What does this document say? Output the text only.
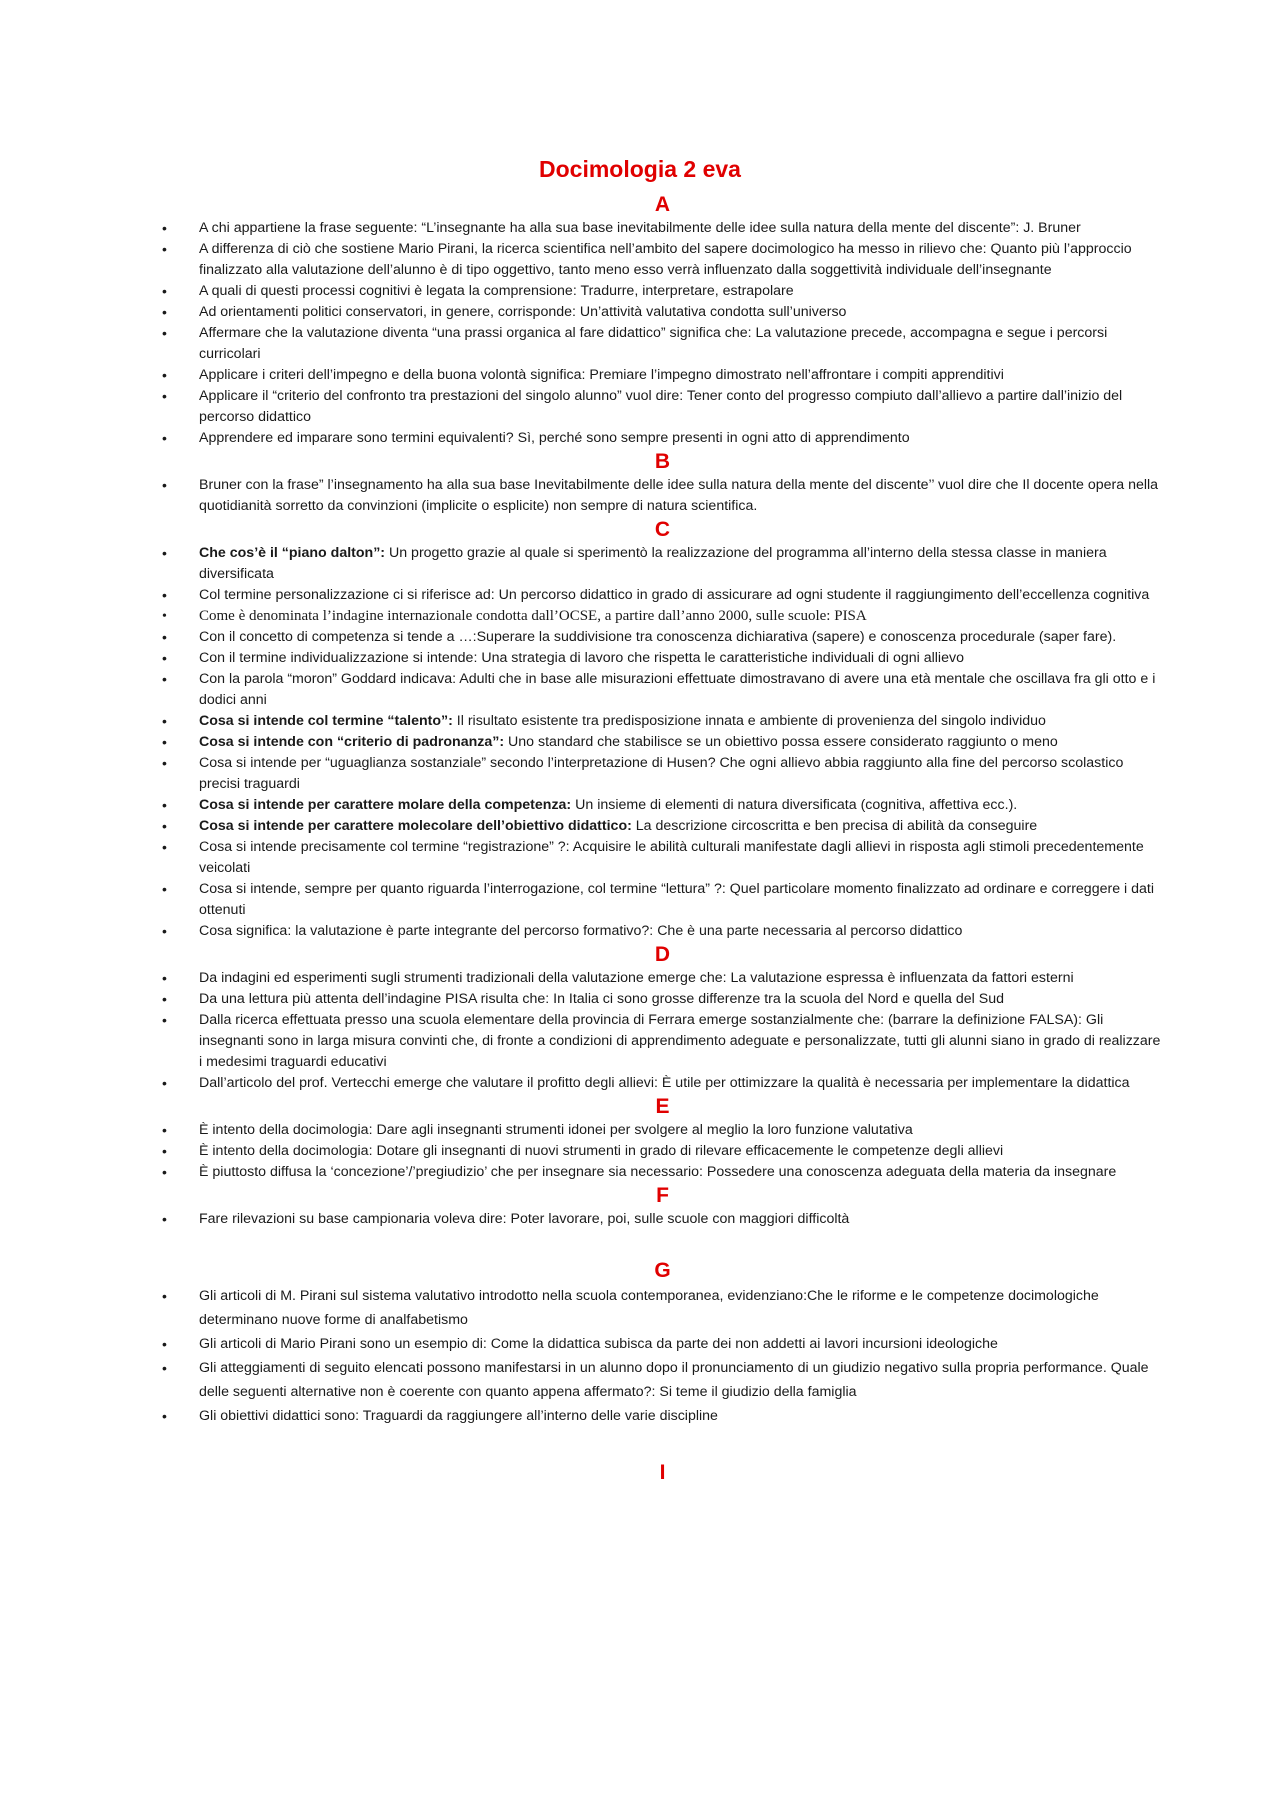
Docimologia 2 eva
A
• A chi appartiene la frase seguente: “L’insegnante ha alla sua base inevitabilmente delle idee sulla natura della mente del discente”: J. Bruner
• A differenza di ciò che sostiene Mario Pirani, la ricerca scientifica nell’ambito del sapere docimologico ha messo in rilievo che: Quanto più l’approccio finalizzato alla valutazione dell’alunno è di tipo oggettivo, tanto meno esso verrà influenzato dalla soggettività individuale dell’insegnante
• A quali di questi processi cognitivi è legata la comprensione: Tradurre, interpretare, estrapolare
• Ad orientamenti politici conservatori, in genere, corrisponde: Un’attività valutativa condotta sull’universo
• Affermare che la valutazione diventa “una prassi organica al fare didattico” significa che: La valutazione precede, accompagna e segue i percorsi curricolari
• Applicare i criteri dell’impegno e della buona volontà significa: Premiare l’impegno dimostrato nell’affrontare i compiti apprenditivi
• Applicare il “criterio del confronto tra prestazioni del singolo alunno” vuol dire: Tener conto del progresso compiuto dall’allievo a partire dall’inizio del percorso didattico
• Apprendere ed imparare sono termini equivalenti? Sì, perché sono sempre presenti in ogni atto di apprendimento
B
• Bruner con la frase” l’insegnamento ha alla sua base Inevitabilmente delle idee sulla natura della mente del discente’’ vuol dire che Il docente opera nella quotidianità sorretto da convinzioni (implicite o esplicite) non sempre di natura scientifica.
C
• Che cos’è il “piano dalton”: Un progetto grazie al quale si sperimentò la realizzazione del programma all’interno della stessa classe in maniera diversificata
• Col termine personalizzazione ci si riferisce ad: Un percorso didattico in grado di assicurare ad ogni studente il raggiungimento dell’eccellenza cognitiva
• Come è denominata l’indagine internazionale condotta dall’OCSE, a partire dall’anno 2000, sulle scuole: PISA
• Con il concetto di competenza si tende a …:Superare la suddivisione tra conoscenza dichiarativa (sapere) e conoscenza procedurale (saper fare).
• Con il termine individualizzazione si intende: Una strategia di lavoro che rispetta le caratteristiche individuali di ogni allievo
• Con la parola “moron” Goddard indicava: Adulti che in base alle misurazioni effettuate dimostravano di avere una età mentale che oscillava fra gli otto e i dodici anni
• Cosa si intende col termine “talento”: Il risultato esistente tra predisposizione innata e ambiente di provenienza del singolo individuo
• Cosa si intende con “criterio di padronanza”: Uno standard che stabilisce se un obiettivo possa essere considerato raggiunto o meno
• Cosa si intende per “uguaglianza sostanziale” secondo l’interpretazione di Husen? Che ogni allievo abbia raggiunto alla fine del percorso scolastico precisi traguardi
• Cosa si intende per carattere molare della competenza: Un insieme di elementi di natura diversificata (cognitiva, affettiva ecc.).
• Cosa si intende per carattere molecolare dell’obiettivo didattico: La descrizione circoscritta e ben precisa di abilità da conseguire
• Cosa si intende precisamente col termine “registrazione” ?: Acquisire le abilità culturali manifestate dagli allievi in risposta agli stimoli precedentemente veicolati
• Cosa si intende, sempre per quanto riguarda l’interrogazione, col termine “lettura” ?: Quel particolare momento finalizzato ad ordinare e correggere i dati ottenuti
• Cosa significa: la valutazione è parte integrante del percorso formativo?: Che è una parte necessaria al percorso didattico
D
• Da indagini ed esperimenti sugli strumenti tradizionali della valutazione emerge che: La valutazione espressa è influenzata da fattori esterni
• Da una lettura più attenta dell’indagine PISA risulta che: In Italia ci sono grosse differenze tra la scuola del Nord e quella del Sud
• Dalla ricerca effettuata presso una scuola elementare della provincia di Ferrara emerge sostanzialmente che: (barrare la definizione FALSA): Gli insegnanti sono in larga misura convinti che, di fronte a condizioni di apprendimento adeguate e personalizzate, tutti gli alunni siano in grado di realizzare i medesimi traguardi educativi
• Dall’articolo del prof. Vertecchi emerge che valutare il profitto degli allievi: È utile per ottimizzare la qualità è necessaria per implementare la didattica
E
• È intento della docimologia: Dare agli insegnanti strumenti idonei per svolgere al meglio la loro funzione valutativa
• È intento della docimologia: Dotare gli insegnanti di nuovi strumenti in grado di rilevare efficacemente le competenze degli allievi
• È piuttosto diffusa la ‘concezione’/’pregiudizio’ che per insegnare sia necessario: Possedere una conoscenza adeguata della materia da insegnare
F
• Fare rilevazioni su base campionaria voleva dire: Poter lavorare, poi, sulle scuole con maggiori difficoltà
G
• Gli articoli di M. Pirani sul sistema valutativo introdotto nella scuola contemporanea, evidenziano:Che le riforme e le competenze docimologiche determinano nuove forme di analfabetismo
• Gli articoli di Mario Pirani sono un esempio di: Come la didattica subisca da parte dei non addetti ai lavori incursioni ideologiche
• Gli atteggiamenti di seguito elencati possono manifestarsi in un alunno dopo il pronunciamento di un giudizio negativo sulla propria performance. Quale delle seguenti alternative non è coerente con quanto appena affermato?: Si teme il giudizio della famiglia
• Gli obiettivi didattici sono: Traguardi da raggiungere all’interno delle varie discipline
I
